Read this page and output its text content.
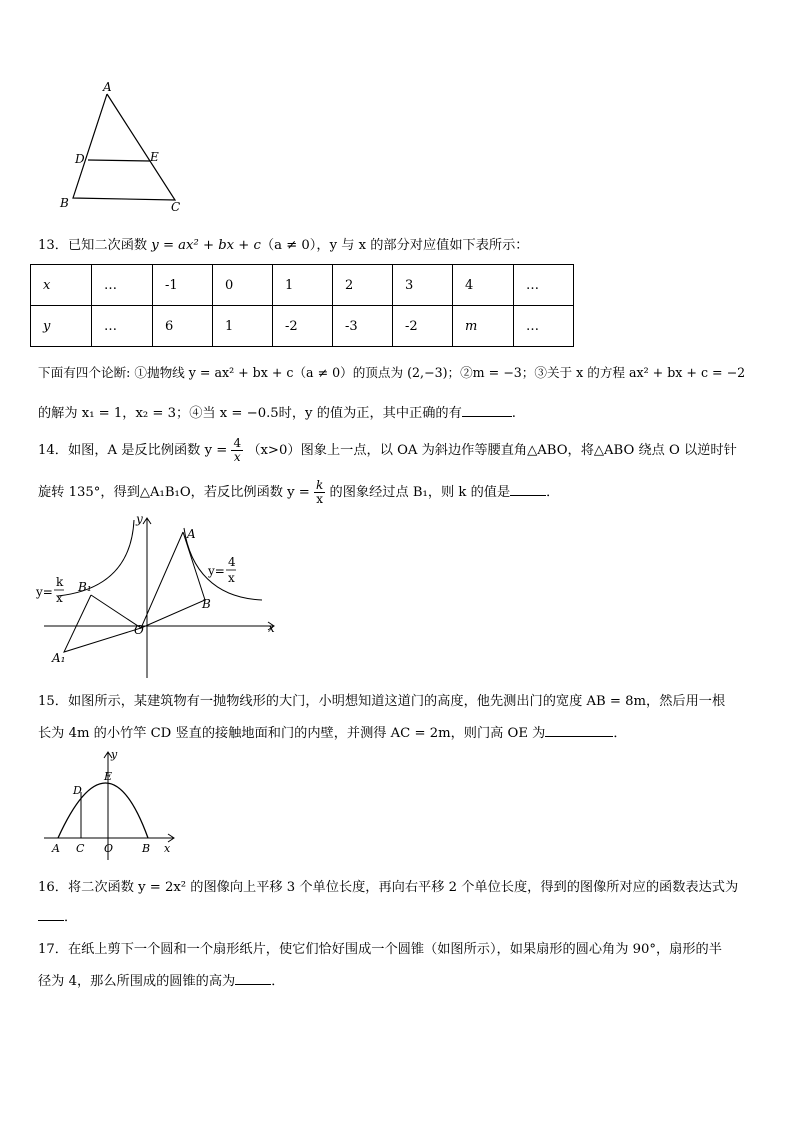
A
D	E
B	C
13．已知二次函数 y = ax² + bx + c（a ≠ 0），y 与 x 的部分对应值如下表所示：
x	…	-1	0	1	2	3	4	…
y	…	6	1	-2	-3	-2	m	…
下面有四个论断: ①抛物线 y = ax² + bx + c（a ≠ 0）的顶点为 (2,−3)；②m = −3；③关于 x 的方程 ax² + bx + c = −2
的解为 x₁ = 1，x₂ = 3；④当 x = −0.5时，y 的值为正，其中正确的有	.
14．如图，A 是反比例函数 $y = \frac{4}{x} (x>0)$图象上一点，以 OA 为斜边作等腰直角△ABO，将△ABO 绕点 O 以逆时针
旋转 135°，得到△A₁B₁O，若反比例函数 $y = \frac{k}{x}$ 的图象经过点 B₁，则 k 的值是	．
y
x
O
A
B
B₁
A₁
y=
4
x
y=
k
x
15．如图所示，某建筑物有一抛物线形的大门，小明想知道这道门的高度，他先测出门的宽度 AB = 8m，然后用一根
长为 4m 的小竹竿 CD 竖直的接触地面和门的内壁，并测得 AC = 2m，则门高 OE 为	．
y
x
E
D
A C O	B
16．将二次函数 y = 2x² 的图像向上平移 3 个单位长度，再向右平移 2 个单位长度，得到的图像所对应的函数表达式为
．
17．在纸上剪下一个圆和一个扇形纸片，使它们恰好围成一个圆锥（如图所示），如果扇形的圆心角为 90°，扇形的半
径为 4，那么所围成的圆锥的高为	．
